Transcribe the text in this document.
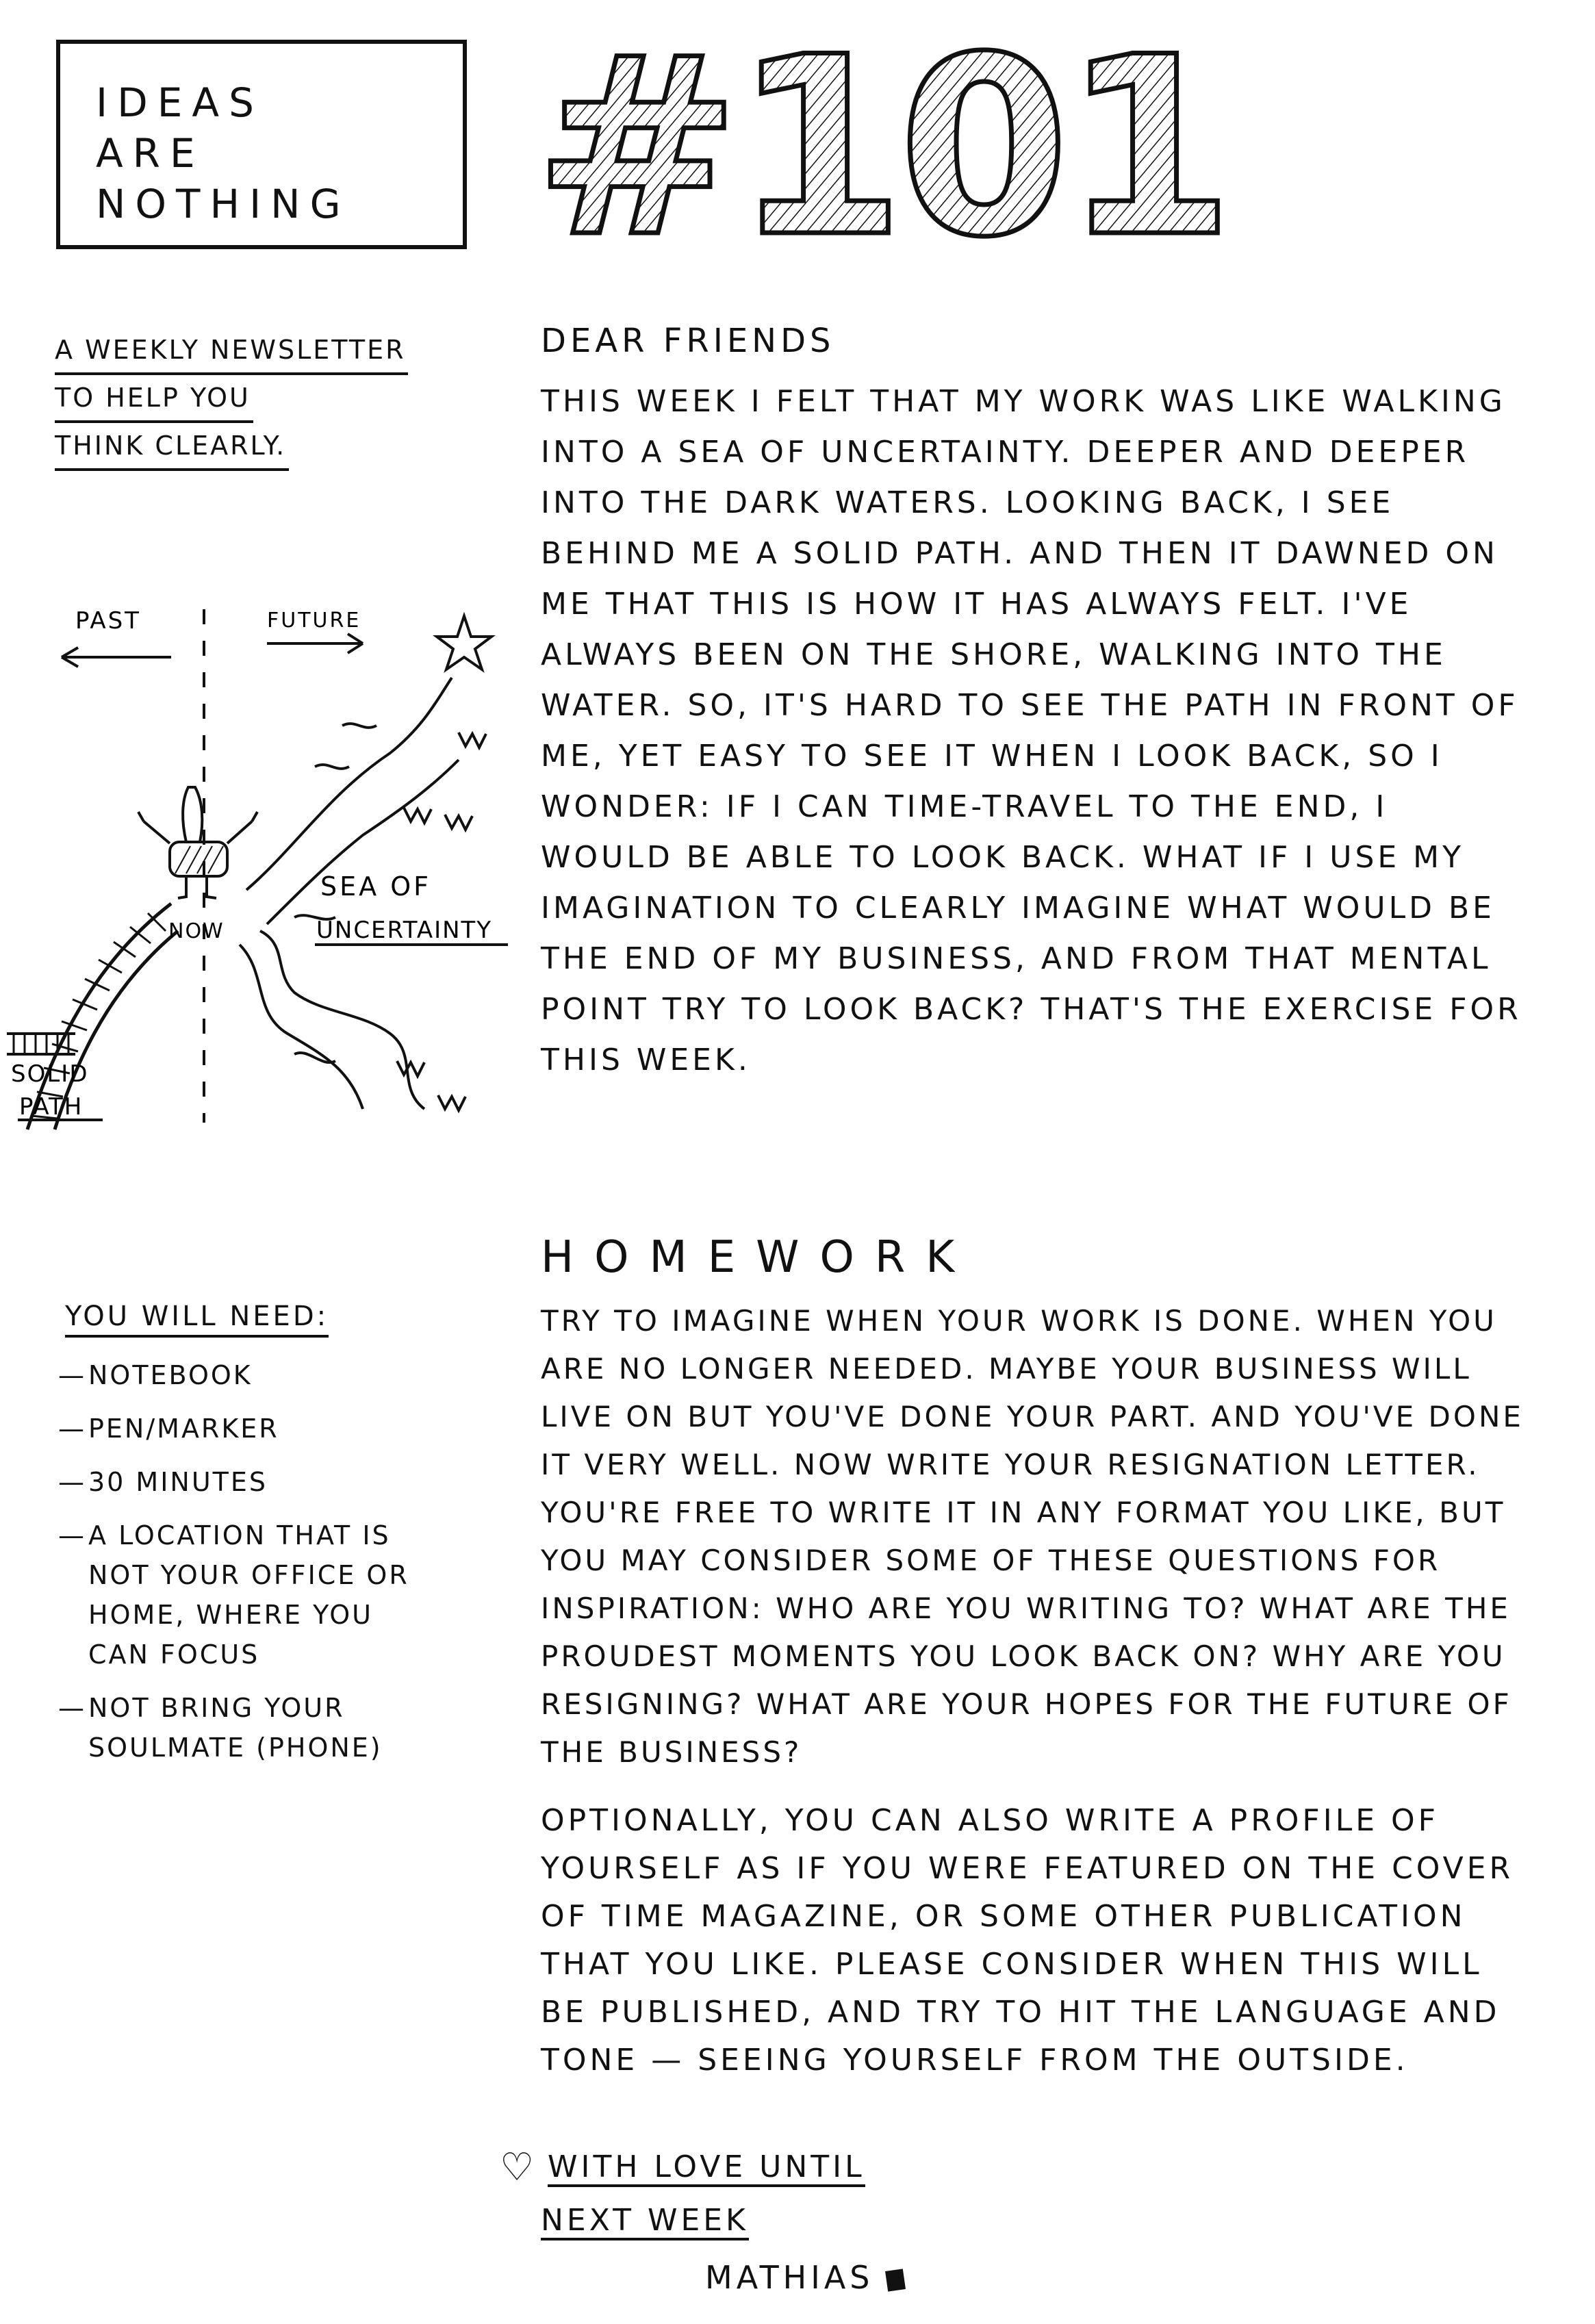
IDEAS
ARE
NOTHING #101
A WEEKLY NEWSLETTER
TO HELP YOU
THINK CLEARLY.
PAST	FUTURE
NOW
SEA OF
UNCERTAINTY
SOLID
PATH
DEAR FRIENDS
THIS WEEK I FELT THAT MY WORK WAS LIKE WALKING INTO A SEA OF UNCERTAINTY. DEEPER AND DEEPER INTO THE DARK WATERS. LOOKING BACK, I SEE BEHIND ME A SOLID PATH. AND THEN IT DAWNED ON ME THAT THIS IS HOW IT HAS ALWAYS FELT. I'VE ALWAYS BEEN ON THE SHORE, WALKING INTO THE WATER. SO, IT'S HARD TO SEE THE PATH IN FRONT OF ME, YET EASY TO SEE IT WHEN I LOOK BACK, SO I WONDER: IF I CAN TIME-TRAVEL TO THE END, I WOULD BE ABLE TO LOOK BACK. WHAT IF I USE MY IMAGINATION TO CLEARLY IMAGINE WHAT WOULD BE THE END OF MY BUSINESS, AND FROM THAT MENTAL POINT TRY TO LOOK BACK? THAT'S THE EXERCISE FOR THIS WEEK.
HOMEWORK
TRY TO IMAGINE WHEN YOUR WORK IS DONE. WHEN YOU ARE NO LONGER NEEDED. MAYBE YOUR BUSINESS WILL LIVE ON BUT YOU'VE DONE YOUR PART. AND YOU'VE DONE IT VERY WELL. NOW WRITE YOUR RESIGNATION LETTER. YOU'RE FREE TO WRITE IT IN ANY FORMAT YOU LIKE, BUT YOU MAY CONSIDER SOME OF THESE QUESTIONS FOR INSPIRATION: WHO ARE YOU WRITING TO? WHAT ARE THE PROUDEST MOMENTS YOU LOOK BACK ON? WHY ARE YOU RESIGNING? WHAT ARE YOUR HOPES FOR THE FUTURE OF THE BUSINESS?
OPTIONALLY, YOU CAN ALSO WRITE A PROFILE OF YOURSELF AS IF YOU WERE FEATURED ON THE COVER OF TIME MAGAZINE, OR SOME OTHER PUBLICATION THAT YOU LIKE. PLEASE CONSIDER WHEN THIS WILL BE PUBLISHED, AND TRY TO HIT THE LANGUAGE AND TONE — SEEING YOURSELF FROM THE OUTSIDE.
YOU WILL NEED:
— NOTEBOOK
— PEN/MARKER
— 30 MINUTES
— A LOCATION THAT IS NOT YOUR OFFICE OR HOME, WHERE YOU CAN FOCUS
— NOT BRING YOUR SOULMATE (PHONE)
♡ WITH LOVE UNTIL
NEXT WEEK
MATHIAS
